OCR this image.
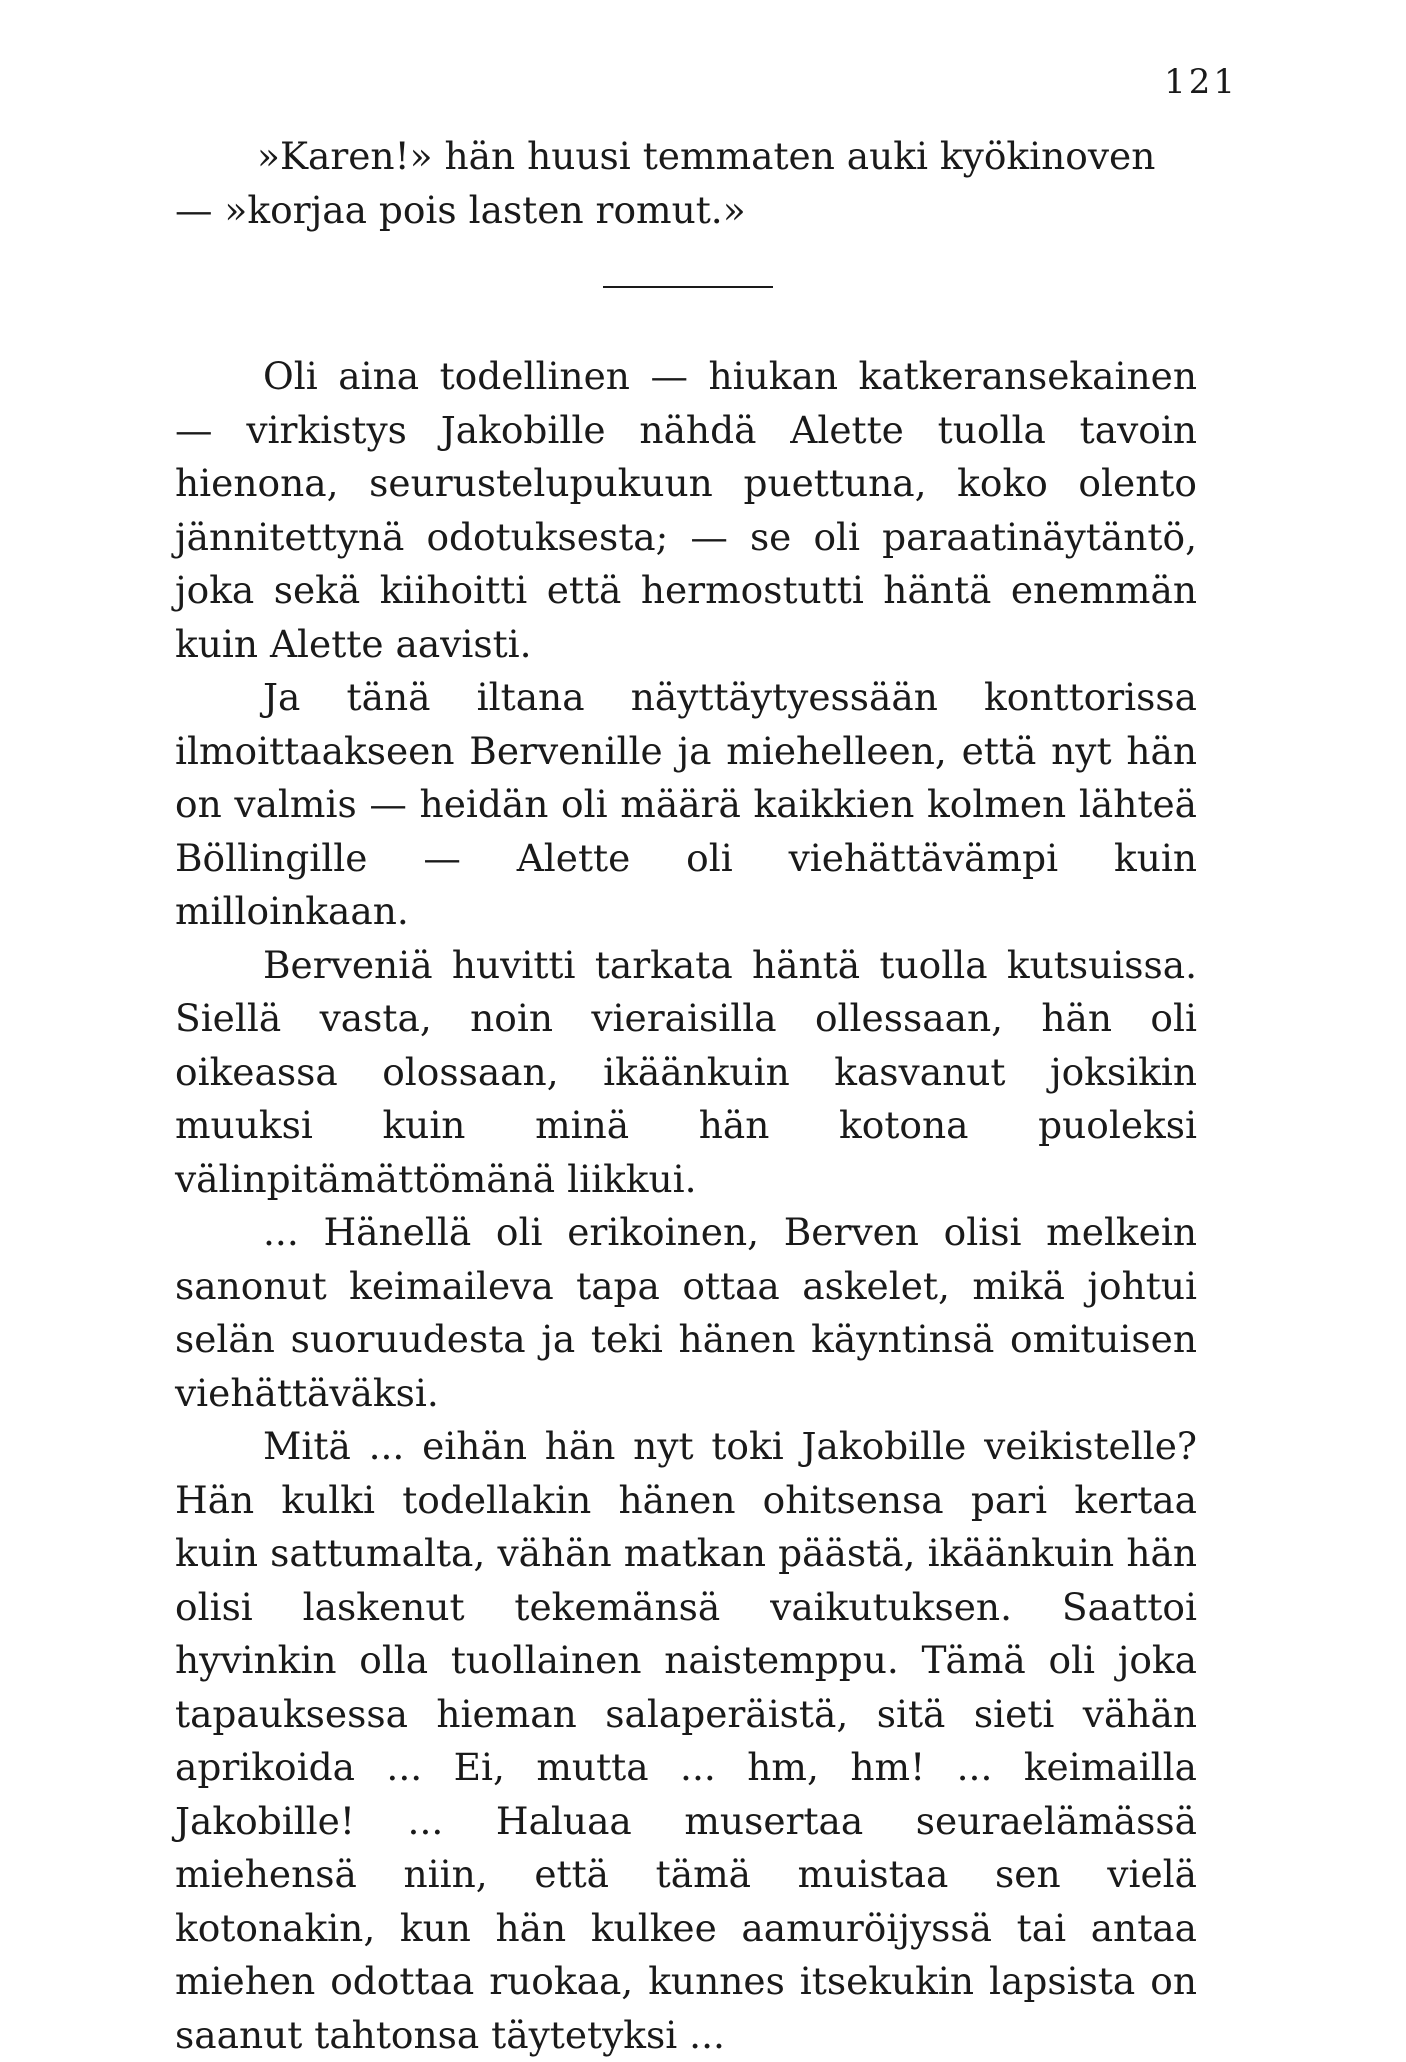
121

»Karen!» hän huusi temmaten auki kyökinoven

— »korjaa pois lasten romut.»

Oli aina todellinen — hiukan katkeransekainen — virkistys Jakobille nähdä Alette tuolla tavoin hienona, seurustelupukuun puettuna, koko olento jännitettynä odotuksesta; — se oli paraatinäytäntö, joka sekä kiihoitti että hermostutti häntä enemmän kuin Alette aavisti.

Ja tänä iltana näyttäytyessään konttorissa ilmoittaakseen Bervenille ja miehelleen, että nyt hän on valmis — heidän oli määrä kaikkien kolmen lähteä Böllingille — Alette oli viehättävämpi kuin milloinkaan.

Berveniä huvitti tarkata häntä tuolla kutsuissa. Siellä vasta, noin vieraisilla ollessaan, hän oli oikeassa olossaan, ikäänkuin kasvanut joksikin muuksi kuin minä hän kotona puoleksi välinpitämättömänä liikkui.

... Hänellä oli erikoinen, Berven olisi melkein sanonut keimaileva tapa ottaa askelet, mikä johtui selän suoruudesta ja teki hänen käyntinsä omituisen viehättäväksi.

Mitä ... eihän hän nyt toki Jakobille veikistelle? Hän kulki todellakin hänen ohitsensa pari kertaa kuin sattumalta, vähän matkan päästä, ikäänkuin hän olisi laskenut tekemänsä vaikutuksen. Saattoi hyvinkin olla tuollainen naistemppu. Tämä oli joka tapauksessa hieman salaperäistä, sitä sieti vähän aprikoida ... Ei, mutta ... hm, hm! ... keimailla Jakobille! ... Haluaa musertaa seuraelämässä miehensä niin, että tämä muistaa sen vielä kotonakin, kun hän kulkee aamuröijyssä tai antaa miehen odottaa ruokaa, kunnes itsekukin lapsista on saanut tahtonsa täytetyksi ...
